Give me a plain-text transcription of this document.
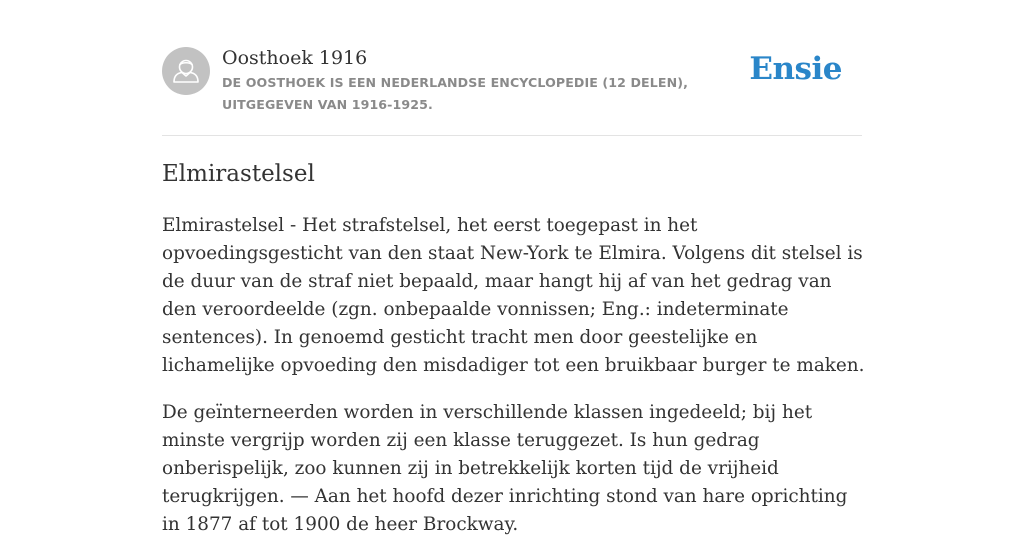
Oosthoek 1916
DE OOSTHOEK IS EEN NEDERLANDSE ENCYCLOPEDIE (12 DELEN), UITGEGEVEN VAN 1916-1925.
Ensie
Elmirastelsel

Elmirastelsel - Het strafstelsel, het eerst toegepast in het opvoedingsgesticht van den staat New-York te Elmira. Volgens dit stelsel is de duur van de straf niet bepaald, maar hangt hij af van het gedrag van den veroordeelde (zgn. onbepaalde vonnissen; Eng.: indeterminate sentences). In genoemd gesticht tracht men door geestelijke en lichamelijke opvoeding den misdadiger tot een bruikbaar burger te maken.

De geïnterneerden worden in verschillende klassen ingedeeld; bij het minste vergrijp worden zij een klasse teruggezet. Is hun gedrag onberispelijk, zoo kunnen zij in betrekkelijk korten tijd de vrijheid terugkrijgen. — Aan het hoofd dezer inrichting stond van hare oprichting in 1877 af tot 1900 de heer Brockway.
